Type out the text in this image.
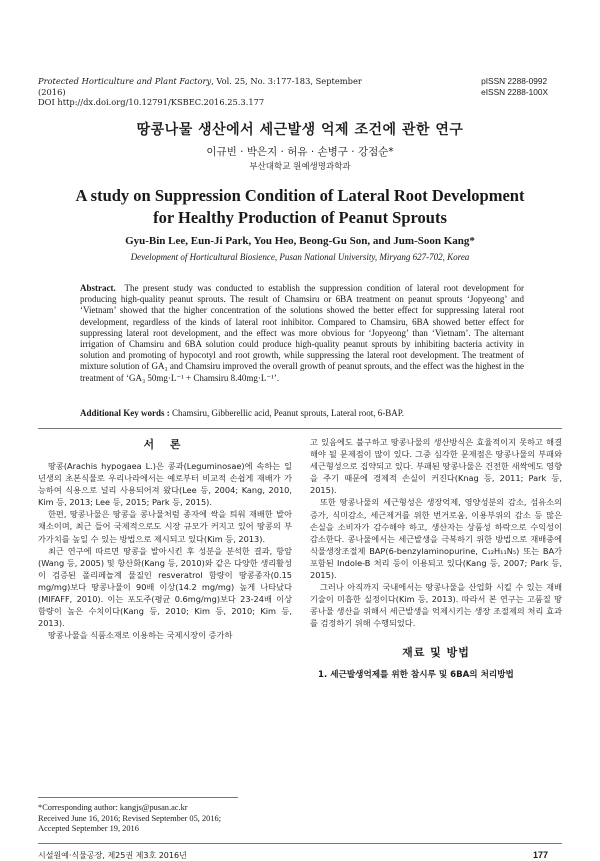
Protected Horticulture and Plant Factory, Vol. 25, No. 3:177-183, September (2016)
DOI http://dx.doi.org/10.12791/KSBEC.2016.25.3.177
pISSN 2288-0992
eISSN 2288-100X
땅콩나물 생산에서 세근발생 억제 조건에 관한 연구
이규빈 · 박은지 · 허유 · 손병구 · 강점순*
부산대학교 원예생명과학과
A study on Suppression Condition of Lateral Root Development
for Healthy Production of Peanut Sprouts
Gyu-Bin Lee, Eun-Ji Park, You Heo, Beong-Gu Son, and Jum-Soon Kang*
Development of Horticultural Biosience, Pusan National University, Miryang 627-702, Korea
Abstract. The present study was conducted to establish the suppression condition of lateral root development for producing high-quality peanut sprouts. The result of Chamsiru or 6BA treatment on peanut sprouts ‘Jopyeong’ and ‘Vietnam’ showed that the higher concentration of the solutions showed the better effect for suppressing lateral root development, regardless of the kinds of lateral root inhibitor. Compared to Chamsiru, 6BA showed better effect for suppressing lateral root development, and the effect was more obvious for ‘Jopyeong’ than ‘Vietnam’. The alternant irrigation of Chamsiru and 6BA solution could produce high-quality peanut sprouts by inhibiting bacteria activity in solution and promoting of hypocotyl and root growth, while suppressing the lateral root development. The treatment of mixture solution of GA₃ and Chamsiru improved the overall growth of peanut sprouts, and the effect was the highest in the treatment of ‘GA₃ 50mg·L⁻¹ + Chamsiru 8.40mg·L⁻¹’.
Additional Key words : Chamsiru, Gibberellic acid, Peanut sprouts, Lateral root, 6-BAP.
서 론

땅콩(Arachis hypogaea L.)은 콩과(Leguminosae)에 속하는 일년생의 초본식물로 우리나라에서는 예로부터 비교적 손쉽게 재배가 가능하여 식용으로 널리 사용되어져 왔다(Lee 등, 2004; Kang, 2010, Kim 등, 2013; Lee 등, 2015; Park 등, 2015).

한편, 땅콩나물은 땅콩을 콩나물처럼 종자에 싹을 틔워 재배한 발아채소이며, 최근 들어 국제적으로도 시장 규모가 커지고 있어 땅콩의 부가가치를 높일 수 있는 방법으로 제시되고 있다(Kim 등, 2013).

최근 연구에 따르면 땅콩을 발아시킨 후 성분을 분석한 결과, 항암(Wang 등, 2005) 및 항산화(Kang 등, 2010)와 같은 다양한 생리활성이 검증된 폴리페놀계 물질인 resveratrol 함량이 땅콩종자(0.15 mg/mg)보다 땅콩나물이 90배 이상(14.2 mg/mg) 높게 나타났다(MIFAFF, 2010). 이는 포도주(평균 0.6mg/mg)보다 23-24배 이상 함량이 높은 수치이다(Kang 등, 2010; Kim 등, 2010; Kim 등, 2013).

땅콩나물을 식품소재로 이용하는 국제시장이 증가하

고 있음에도 불구하고 땅콩나물의 생산방식은 효율적이지 못하고 해결해야 될 문제점이 많이 있다. 그중 심각한 문제점은 땅콩나물의 부패와 세근형성으로 집약되고 있다. 부패된 땅콩나물은 건전한 새싹에도 영향을 주기 때문에 경제적 손실이 커진다(Knag 등, 2011; Park 등, 2015).

또한 땅콩나물의 세근형성은 생장억제, 영양성분의 감소, 섬유소의 증가, 식미감소, 세근제거를 위한 번거로움, 이용부위의 감소 등 많은 손실을 소비자가 감수해야 하고, 생산자는 상품성 하락으로 수익성이 감소한다. 콩나물에서는 세근발생을 극복하기 위한 방법으로 재배중에 식물생장조절제 BAP(6-benzylaminopurine, C₁₂H₁₁N₅) 또는 BA가 포함된 Indole-B 처리 등이 이용되고 있다(Kang 등, 2007; Park 등, 2015).

그러나 아직까지 국내에서는 땅콩나물을 산업화 시킬 수 있는 재배기술이 미흡한 실정이다(Kim 등, 2013). 따라서 본 연구는 고품질 땅콩나물 생산을 위해서 세근발생을 억제시키는 생장 조절제의 처리 효과를 검정하기 위해 수행되었다.

재료 및 방법
1. 세근발생억제를 위한 참시루 및 6BA의 처리방법
*Corresponding author: kangjs@pusan.ac.kr
Received June 16, 2016; Revised September 05, 2016;
Accepted September 19, 2016
시설원예·식물공장, 제25권 제3호 2016년	177
